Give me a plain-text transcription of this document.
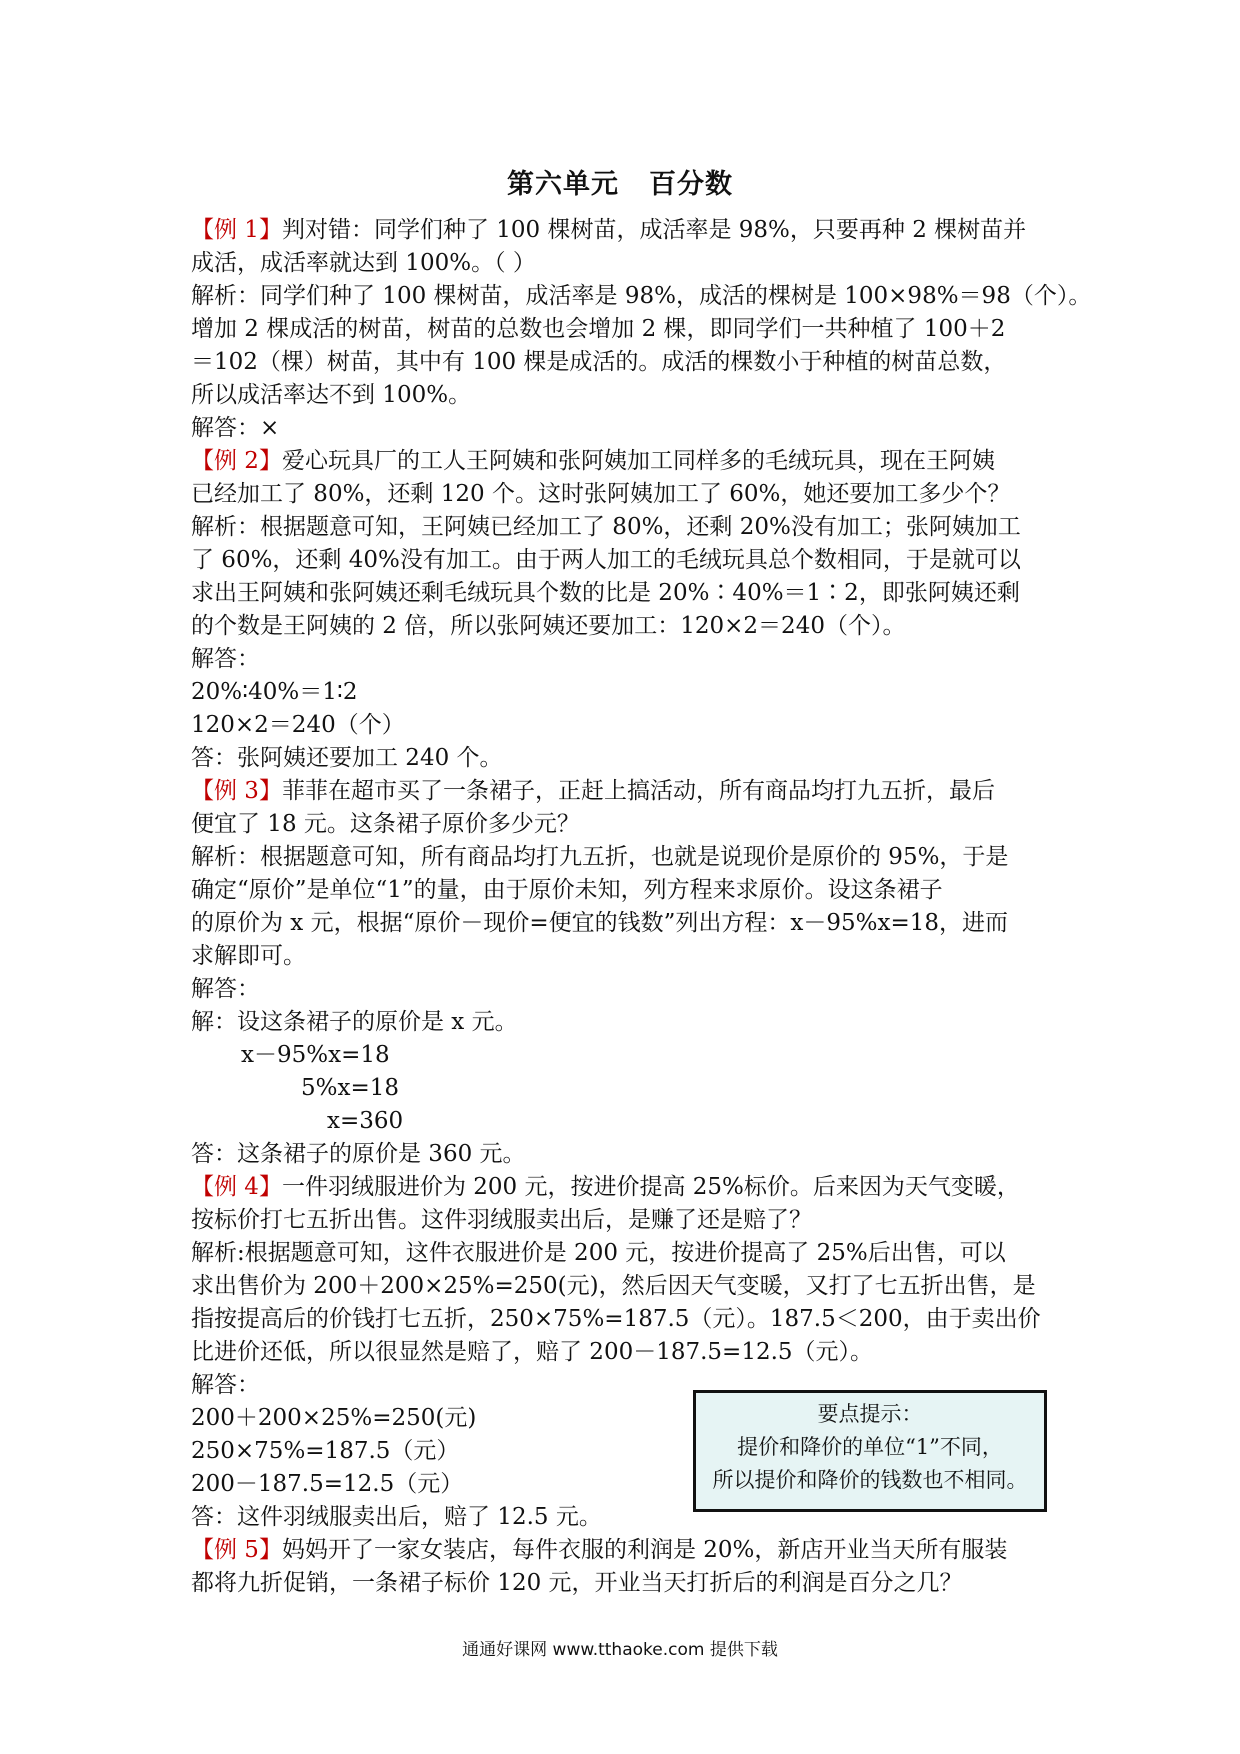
第六单元 百分数
【例 1】判对错：同学们种了 100 棵树苗，成活率是 98%，只要再种 2 棵树苗并
成活，成活率就达到 100%。（ ）
解析：同学们种了 100 棵树苗，成活率是 98%，成活的棵树是 100×98%＝98（个）。
增加 2 棵成活的树苗，树苗的总数也会增加 2 棵，即同学们一共种植了 100＋2
＝102（棵）树苗，其中有 100 棵是成活的。成活的棵数小于种植的树苗总数，
所以成活率达不到 100%。
解答：×
【例 2】爱心玩具厂的工人王阿姨和张阿姨加工同样多的毛绒玩具，现在王阿姨
已经加工了 80%，还剩 120 个。这时张阿姨加工了 60%，她还要加工多少个？
解析：根据题意可知，王阿姨已经加工了 80%，还剩 20%没有加工；张阿姨加工
了 60%，还剩 40%没有加工。由于两人加工的毛绒玩具总个数相同，于是就可以
求出王阿姨和张阿姨还剩毛绒玩具个数的比是 20%∶40%＝1∶2，即张阿姨还剩
的个数是王阿姨的 2 倍，所以张阿姨还要加工：120×2＝240（个）。
解答：
20%∶40%＝1∶2
120×2＝240（个）
答：张阿姨还要加工 240 个。
【例 3】菲菲在超市买了一条裙子，正赶上搞活动，所有商品均打九五折，最后
便宜了 18 元。这条裙子原价多少元？
解析：根据题意可知，所有商品均打九五折，也就是说现价是原价的 95%，于是
确定“原价”是单位“1”的量，由于原价未知，列方程来求原价。设这条裙子
的原价为 x 元，根据“原价－现价=便宜的钱数”列出方程：x－95%x=18，进而
求解即可。
解答：
解：设这条裙子的原价是 x 元。
x－95%x=18
5%x=18
x=360
答：这条裙子的原价是 360 元。
【例 4】一件羽绒服进价为 200 元，按进价提高 25%标价。后来因为天气变暖，
按标价打七五折出售。这件羽绒服卖出后，是赚了还是赔了？
解析:根据题意可知，这件衣服进价是 200 元，按进价提高了 25%后出售，可以
求出售价为 200＋200×25%=250(元)，然后因天气变暖，又打了七五折出售，是
指按提高后的价钱打七五折，250×75%=187.5（元）。187.5＜200，由于卖出价
比进价还低，所以很显然是赔了，赔了 200－187.5=12.5（元）。
解答：
200＋200×25%=250(元)
250×75%=187.5（元）
200－187.5=12.5（元）
答：这件羽绒服卖出后，赔了 12.5 元。
【例 5】妈妈开了一家女装店，每件衣服的利润是 20%，新店开业当天所有服装
都将九折促销，一条裙子标价 120 元，开业当天打折后的利润是百分之几？
要点提示：
提价和降价的单位“1”不同，
所以提价和降价的钱数也不相同。
通通好课网 www.tthaoke.com 提供下载
